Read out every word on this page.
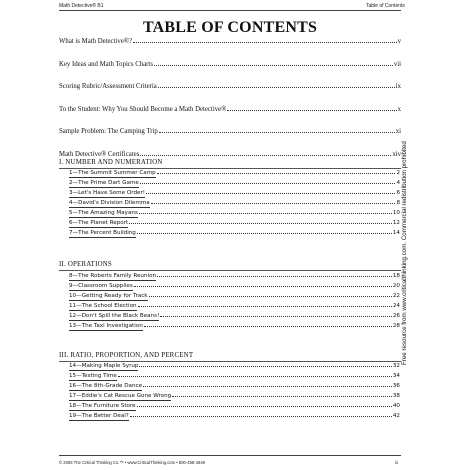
Math Detective® B1	Table of Contents
TABLE OF CONTENTS
What is Math Detective®?	v
Key Ideas and Math Topics Charts	vii
Scoring Rubric/Assessment Criteria	ix
To the Student: Why You Should Become a Math Detective®	x
Sample Problem: The Camping Trip	xi
Math Detective® Certificates	xiv
I. NUMBER AND NUMERATION
1—The Summit Summer Camp	2
2—The Prime Dart Game	4
3—Let's Have Some Order!	6
4—David's Division Dilemma	8
5—The Amazing Mayans	10
6—The Planet Report	12
7—The Percent Building	14
II. OPERATIONS
8—The Roberts Family Reunion	18
9—Classroom Supplies	20
10—Getting Ready for Track	22
11—The School Election	24
12—Don't Spill the Black Beans!	26
13—The Taxi Investigation	28
III. RATIO, PROPORTION, AND PERCENT
14—Making Maple Syrup	32
15—Testing Time	34
16—The 8th-Grade Dance	36
17—Eddie's Cat Rescue Gone Wrong	38
18—The Furniture Store	40
19—The Better Deal?	42
© 2005 The Critical Thinking Co.™ • www.CriticalThinking.com • 800-458-4849	iii
Free resource from www.criticalthinking.com. Commercial redistribution prohibited
